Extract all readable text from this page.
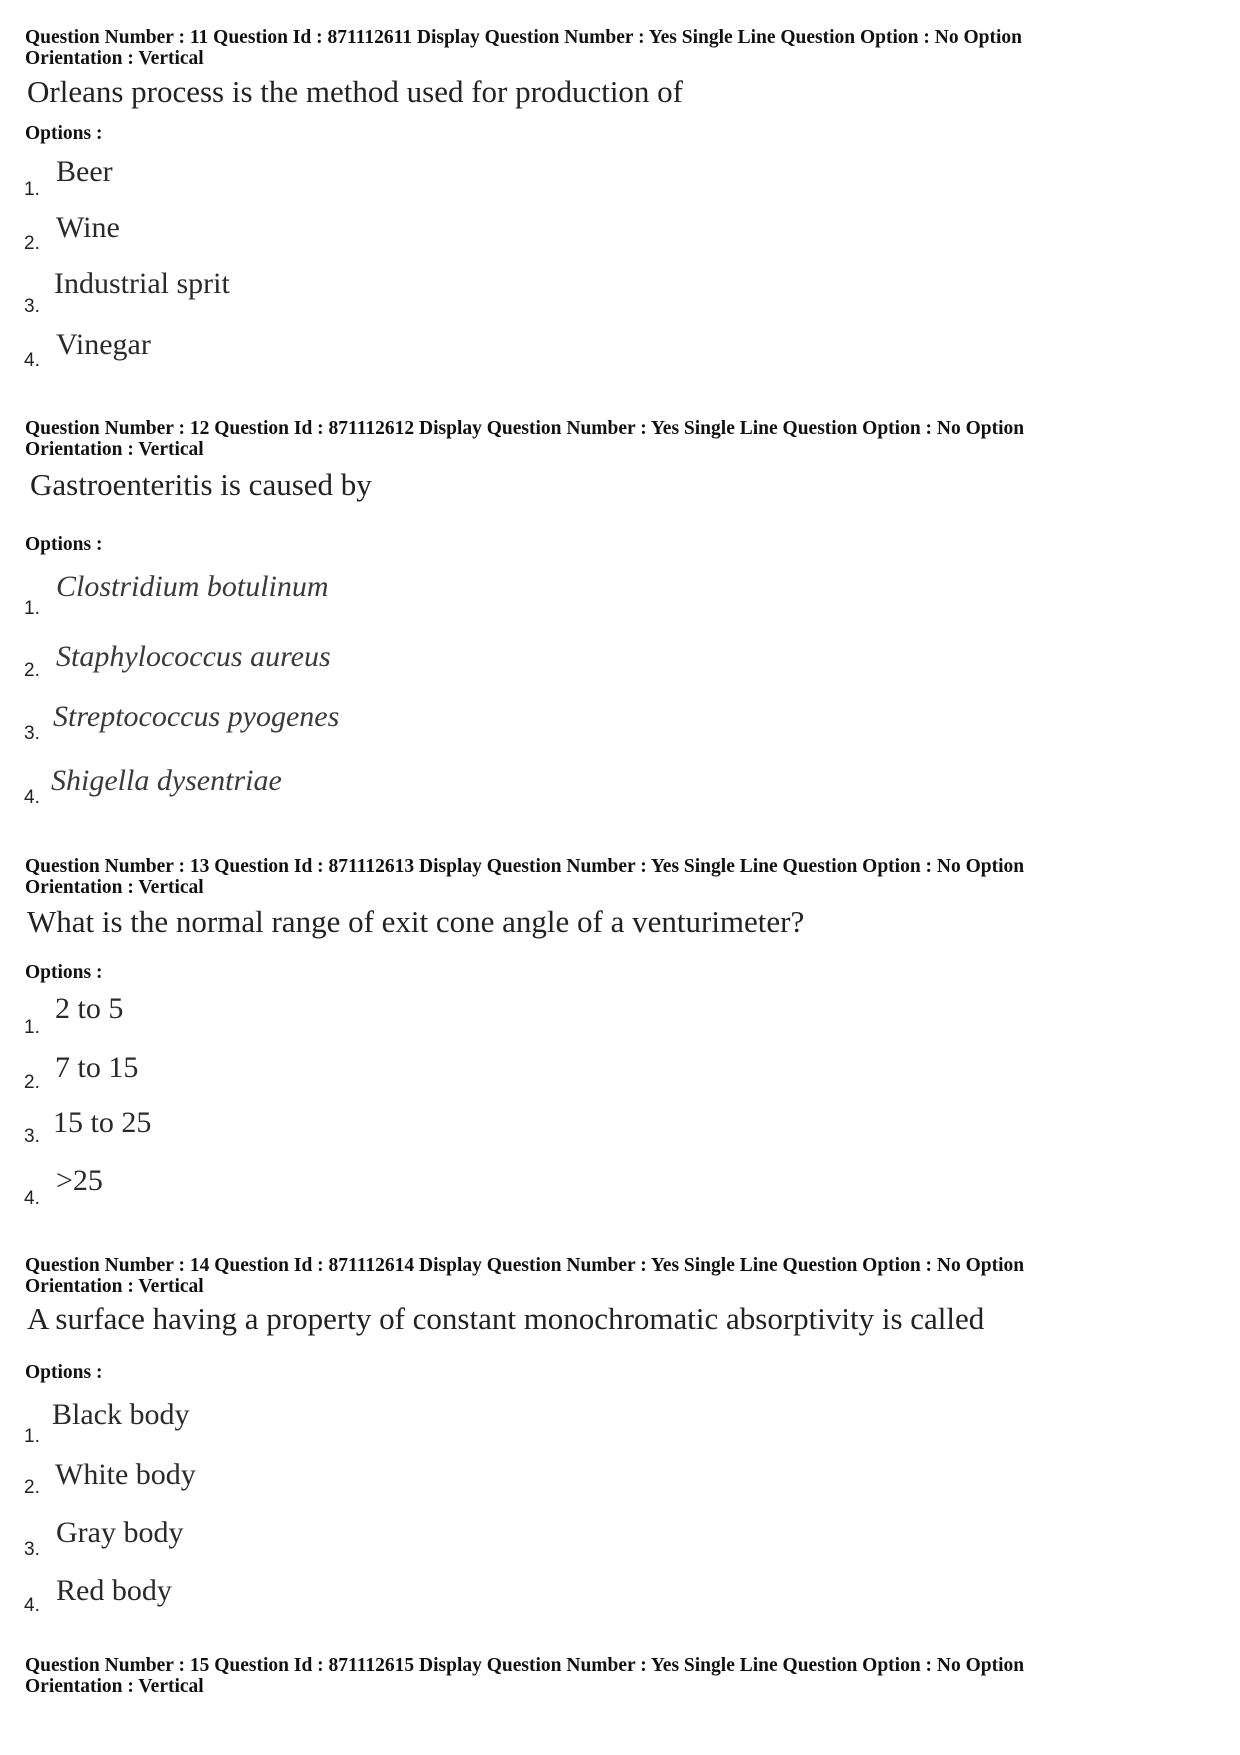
Question Number : 11 Question Id : 871112611 Display Question Number : Yes Single Line Question Option : No Option
Orientation : Vertical
Orleans process is the method used for production of
Options :
1.
Beer
2. Wine
3.
Industrial sprit
4. Vinegar
Question Number : 12 Question Id : 871112612 Display Question Number : Yes Single Line Question Option : No Option
Orientation : Vertical
Gastroenteritis is caused by
Options :
1.
Clostridium botulinum
2. Staphylococcus aureus
3.
Streptococcus pyogenes
4.
Shigella dysentriae
Question Number : 13 Question Id : 871112613 Display Question Number : Yes Single Line Question Option : No Option
Orientation : Vertical
What is the normal range of exit cone angle of a venturimeter?
Options :
1.
2 to 5
2. 7 to 15
3. 15 to 25
4.
>25
Question Number : 14 Question Id : 871112614 Display Question Number : Yes Single Line Question Option : No Option
Orientation : Vertical
A surface having a property of constant monochromatic absorptivity is called
Options :
1.
Black body
2. White body
3.
Gray body
4. Red body
Question Number : 15 Question Id : 871112615 Display Question Number : Yes Single Line Question Option : No Option
Orientation : Vertical
